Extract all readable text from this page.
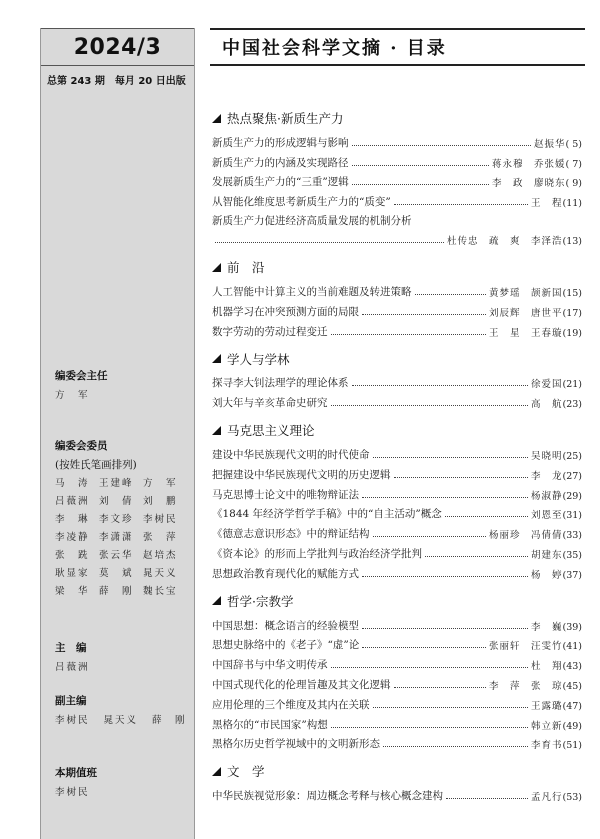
2024/3
总第 243 期　每月 20 日出版
编委会主任
方　军
编委会委员
(按姓氏笔画排列)
马　涛 王建峰 方　军
吕薇洲 刘　倩 刘　鹏
李　琳 李文珍 李树民
李凌静 李潇潇 张　萍
张　跣 张云华 赵培杰
耿显家 莫　斌 晁天义
梁　华 薛　刚 魏长宝
主　编
吕薇洲
副主编
李树民 晁天义 薛　刚
本期值班
李树民
中国社会科学文摘 · 目录
热点聚焦·新质生产力
新质生产力的形成逻辑与影响	赵振华 ( 5)
新质生产力的内涵及实现路径	蒋永穆　乔张媛 ( 7)
发展新质生产力的“三重”逻辑	李　政　廖晓东 ( 9)
从智能化维度思考新质生产力的“质变”	王　程 (11)
新质生产力促进经济高质量发展的机制分析
杜传忠　疏　爽　李泽浩 (13)
前　沿
人工智能中计算主义的当前难题及转进策略	黄梦瑶　颉新国 (15)
机器学习在冲突预测方面的局限	刘辰辉　唐世平 (17)
数字劳动的劳动过程变迁	王　星　王春璇 (19)
学人与学林
探寻李大钊法理学的理论体系	徐爱国 (21)
刘大年与辛亥革命史研究	高　航 (23)
马克思主义理论
建设中华民族现代文明的时代使命	吴晓明 (25)
把握建设中华民族现代文明的历史逻辑	李　龙 (27)
马克思博士论文中的唯物辩证法	杨淑静 (29)
《1844 年经济学哲学手稿》中的“自主活动”概念	刘恩至 (31)
《德意志意识形态》中的辩证结构	杨丽珍　冯倩倩 (33)
《资本论》的形而上学批判与政治经济学批判	胡建东 (35)
思想政治教育现代化的赋能方式	杨　婷 (37)
哲学·宗教学
中国思想：概念语言的经验模型	李　巍 (39)
思想史脉络中的《老子》“虚”论	张丽轩　汪雯竹 (41)
中国辞书与中华文明传承	杜　翔 (43)
中国式现代化的伦理旨趣及其文化逻辑	李　萍　张　琼 (45)
应用伦理的三个维度及其内在关联	王露璐 (47)
黑格尔的“市民国家”构想	韩立新 (49)
黑格尔历史哲学视域中的文明新形态	李育书 (51)
文　学
中华民族视觉形象：周边概念考释与核心概念建构	孟凡行 (53)
